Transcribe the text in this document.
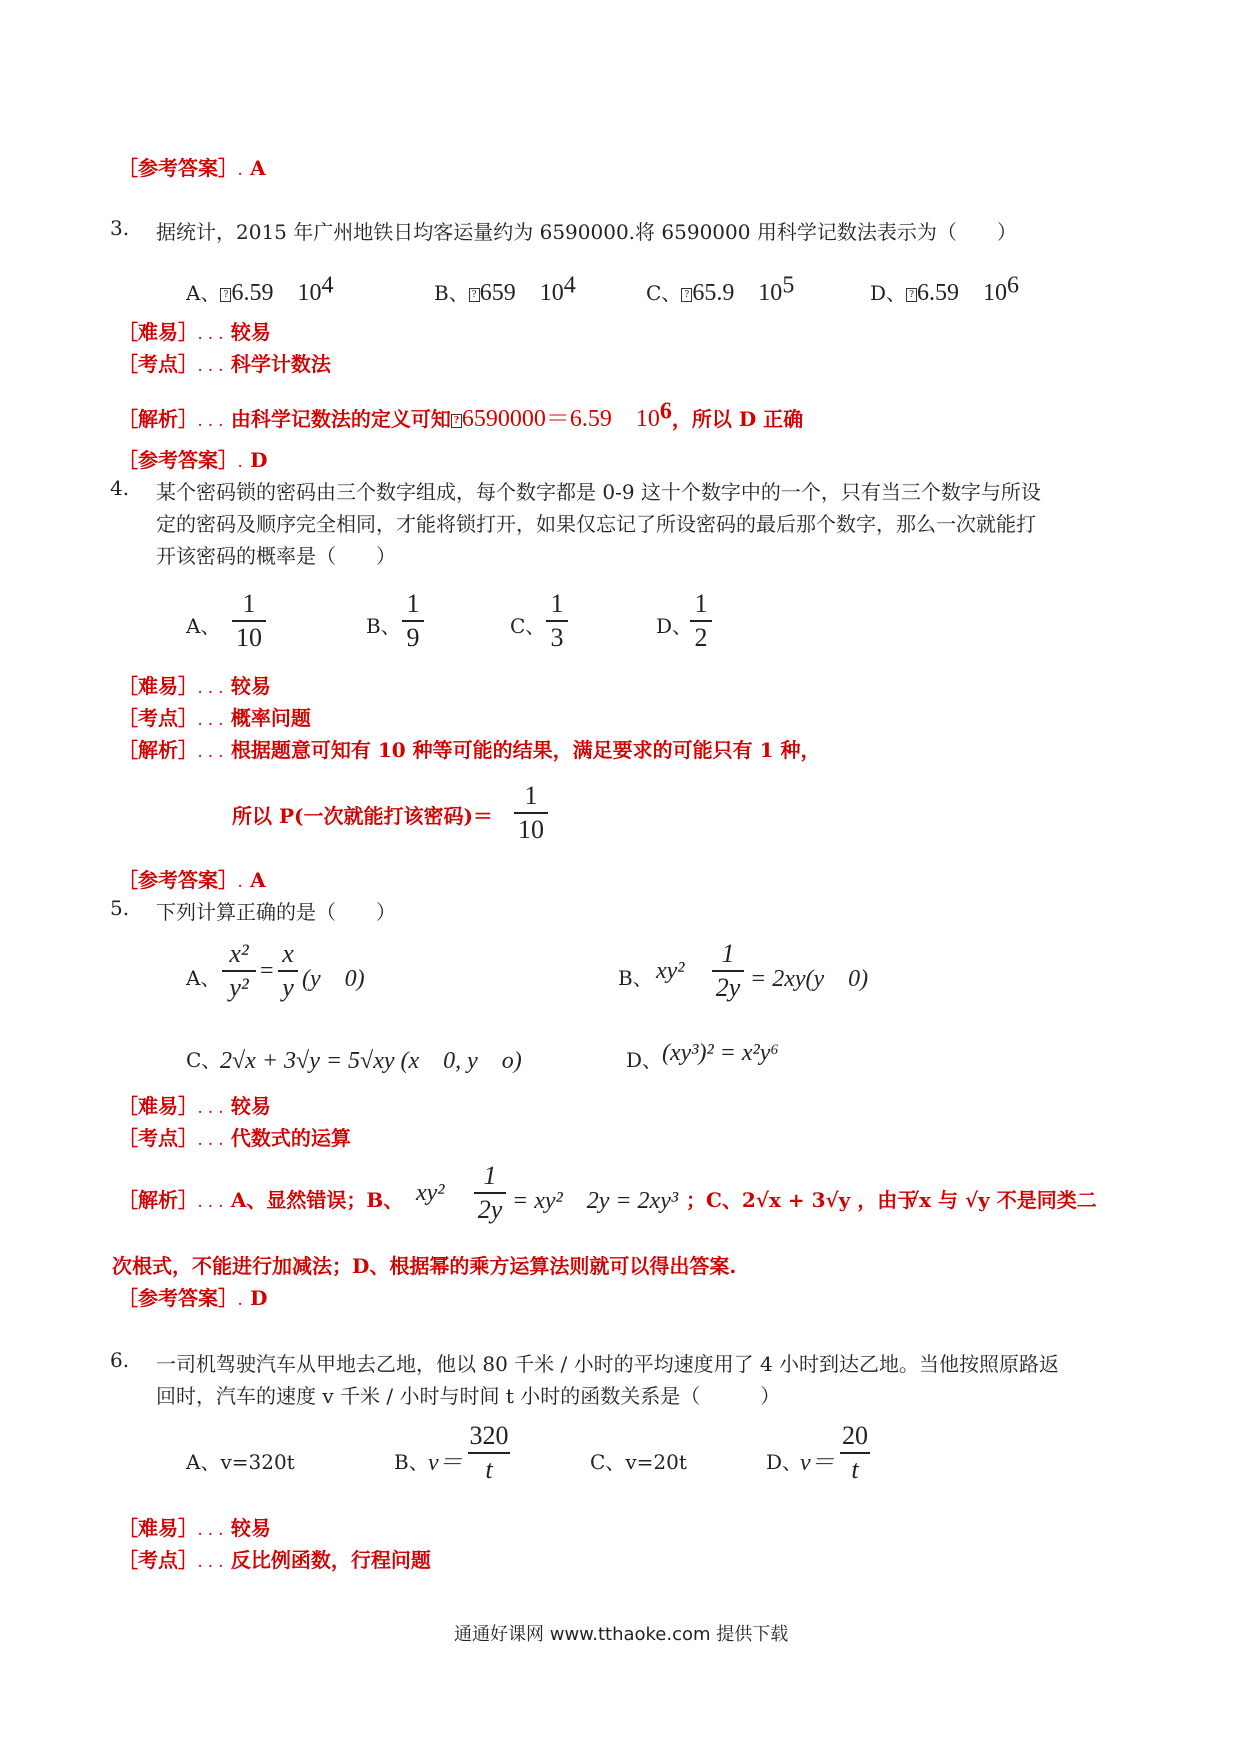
［参考答案］. A
3. 据统计，2015 年广州地铁日均客运量约为 6590000.将 6590000 用科学记数法表示为（　　）
A、 ? 6.59　$10^4$	B、 ? 659　$10^4$	C、 ? 65.9　$10^5$	D、 ? 6.59　$10^6$
［难易］. . . 较易
［考点］. . . 科学计数法
［解析］. . . 由科学记数法的定义可知 ? 6590000＝6.59　$10^6$，所以 D 正确
［参考答案］. D
4. 某个密码锁的密码由三个数字组成，每个数字都是 0-9 这十个数字中的一个，只有当三个数字与所设
定的密码及顺序完全相同，才能将锁打开，如果仅忘记了所设密码的最后那个数字，那么一次就能打
开该密码的概率是（　　）
A、
1
10	B、
1
9	C、
1
3	D、
1
2
［难易］. . . 较易
［考点］. . . 概率问题
［解析］. . . 根据题意可知有 10 种等可能的结果，满足要求的可能只有 1 种，
所以 P(一次就能打该密码)＝
1
10
［参考答案］. A
5. 下列计算正确的是（　　）
A、
x²
y²
=
x
y (y　0)	B、 xy²
1
2y = 2xy(y　0)
C、
2√x + 3√y = 5√xy (x　0, y　o)	D、 (xy³)² = x²y⁶
［难易］. . . 较易
［考点］. . . 代数式的运算
［解析］. . . A、显然错误；B、 xy²
1
2y = xy²　2y = 2xy³ ；C、2√x + 3√y ，由于
√x 与 √y 不是同类二
次根式，不能进行加减法；D、根据幂的乘方运算法则就可以得出答案.
［参考答案］. D
6. 一司机驾驶汽车从甲地去乙地，他以 80 千米 / 小时的平均速度用了 4 小时到达乙地。当他按照原路返
回时，汽车的速度 v 千米 / 小时与时间 t 小时的函数关系是（　　　）
A、v=320t	B、 v＝
320
t	C、v=20t	D、
v＝
20
t
［难易］. . . 较易
［考点］. . . 反比例函数，行程问题
通通好课网 www.tthaoke.com 提供下载
